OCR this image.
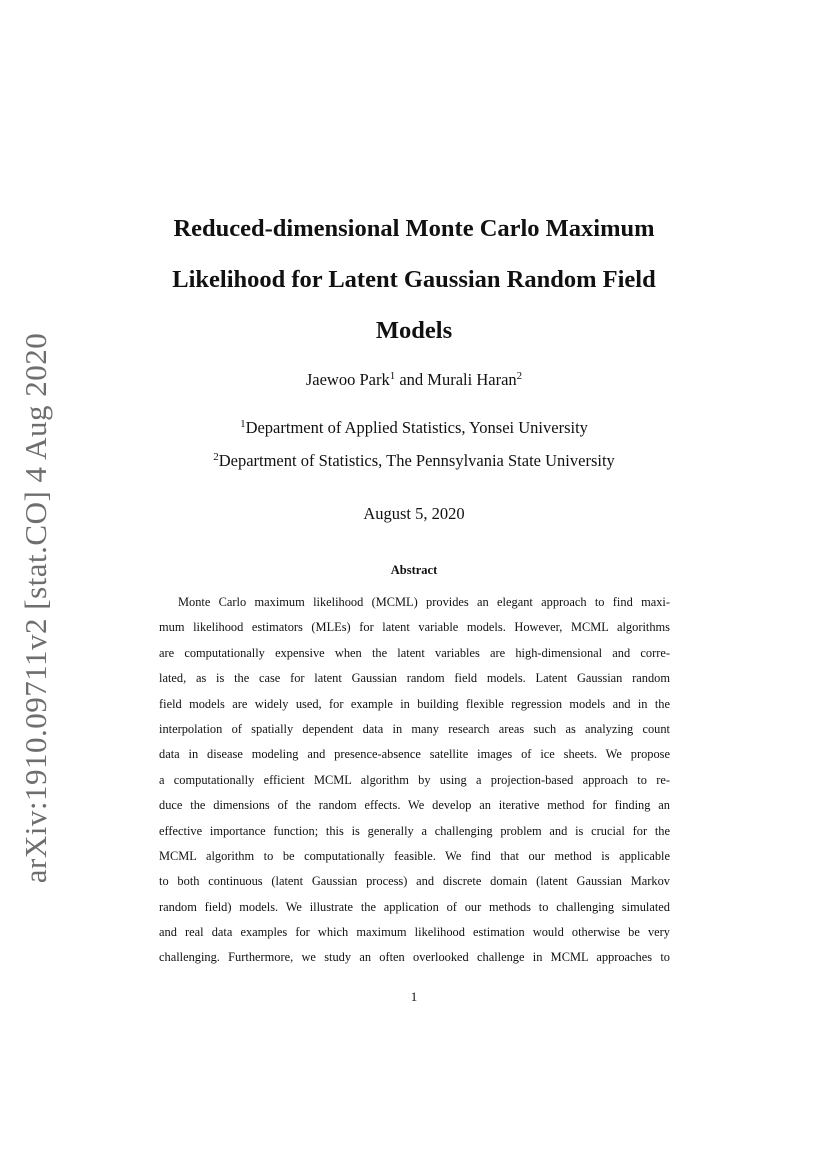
arXiv:1910.09711v2 [stat.CO] 4 Aug 2020
Reduced-dimensional Monte Carlo Maximum
Likelihood for Latent Gaussian Random Field
Models
Jaewoo Park$^1$ and Murali Haran$^2$
$^1$Department of Applied Statistics, Yonsei University
$^2$Department of Statistics, The Pennsylvania State University
August 5, 2020
Abstract
Monte Carlo maximum likelihood (MCML) provides an elegant approach to find maxi-
mum likelihood estimators (MLEs) for latent variable models. However, MCML algorithms
are computationally expensive when the latent variables are high-dimensional and corre-
lated, as is the case for latent Gaussian random field models. Latent Gaussian random
field models are widely used, for example in building flexible regression models and in the
interpolation of spatially dependent data in many research areas such as analyzing count
data in disease modeling and presence-absence satellite images of ice sheets. We propose
a computationally efficient MCML algorithm by using a projection-based approach to re-
duce the dimensions of the random effects. We develop an iterative method for finding an
effective importance function; this is generally a challenging problem and is crucial for the
MCML algorithm to be computationally feasible. We find that our method is applicable
to both continuous (latent Gaussian process) and discrete domain (latent Gaussian Markov
random field) models. We illustrate the application of our methods to challenging simulated
and real data examples for which maximum likelihood estimation would otherwise be very
challenging. Furthermore, we study an often overlooked challenge in MCML approaches to
1
